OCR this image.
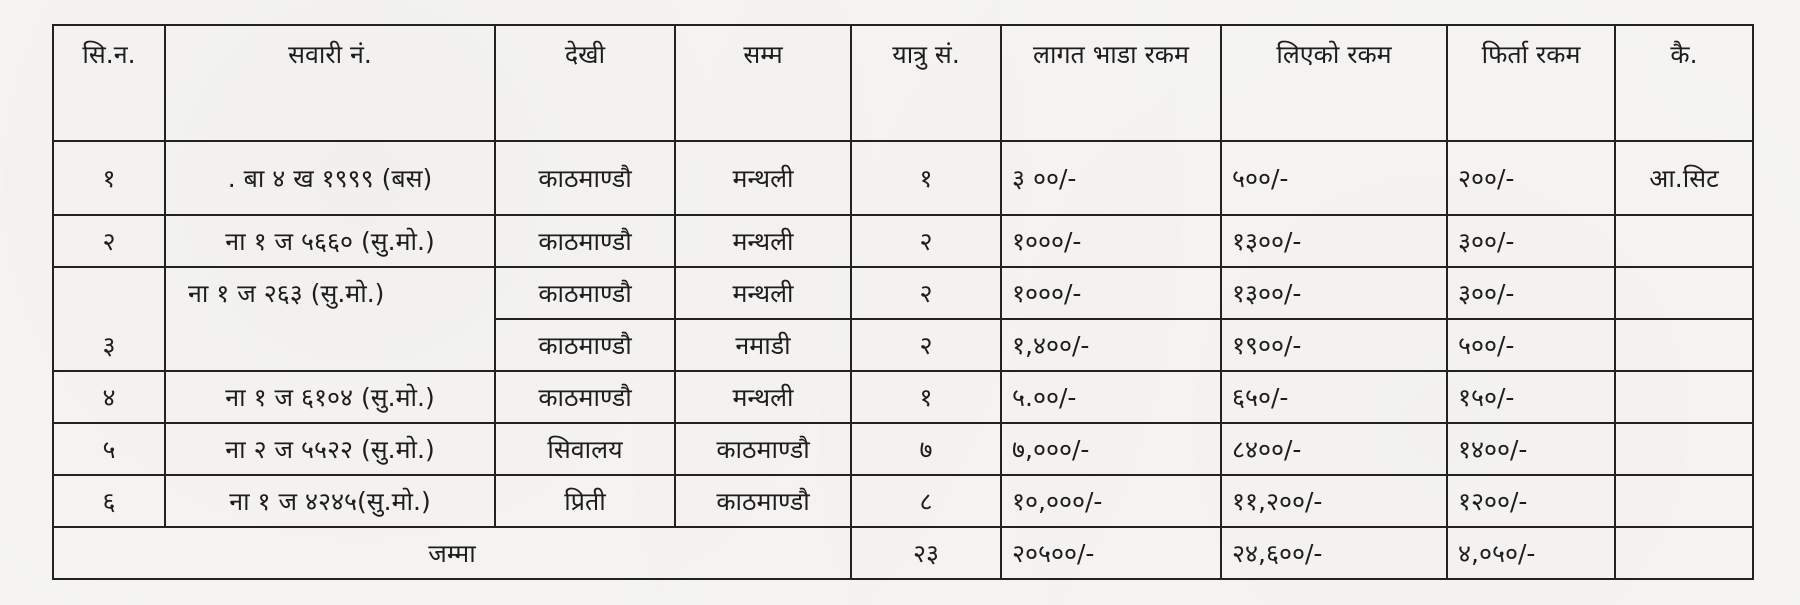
सि.न.	सवारी नं.	देखी	सम्म	यात्रु सं.	लागत भाडा रकम	लिएको रकम	फिर्ता रकम	कै.
१	. बा ४ ख १९९९ (बस)	काठमाण्डौ	मन्थली	१	३ ००/-	५००/-	२००/-	आ.सिट
२	ना १ ज ५६६० (सु.मो.)	काठमाण्डौ	मन्थली	२	१०००/-	१३००/-	३००/-	
३	ना १ ज २६३ (सु.मो.)	काठमाण्डौ	मन्थली	२	१०००/-	१३००/-	३००/-	
		काठमाण्डौ	नमाडी	२	१,४००/-	१९००/-	५००/-	
४	ना १ ज ६१०४ (सु.मो.)	काठमाण्डौ	मन्थली	१	५.००/-	६५०/-	१५०/-	
५	ना २ ज ५५२२ (सु.मो.)	सिवालय	काठमाण्डौ	७	७,०००/-	८४००/-	१४००/-	
६	ना १ ज ४२४५(सु.मो.)	प्रिती	काठमाण्डौ	८	१०,०००/-	११,२००/-	१२००/-	
जम्मा				२३	२०५००/-	२४,६००/-	४,०५०/-	
